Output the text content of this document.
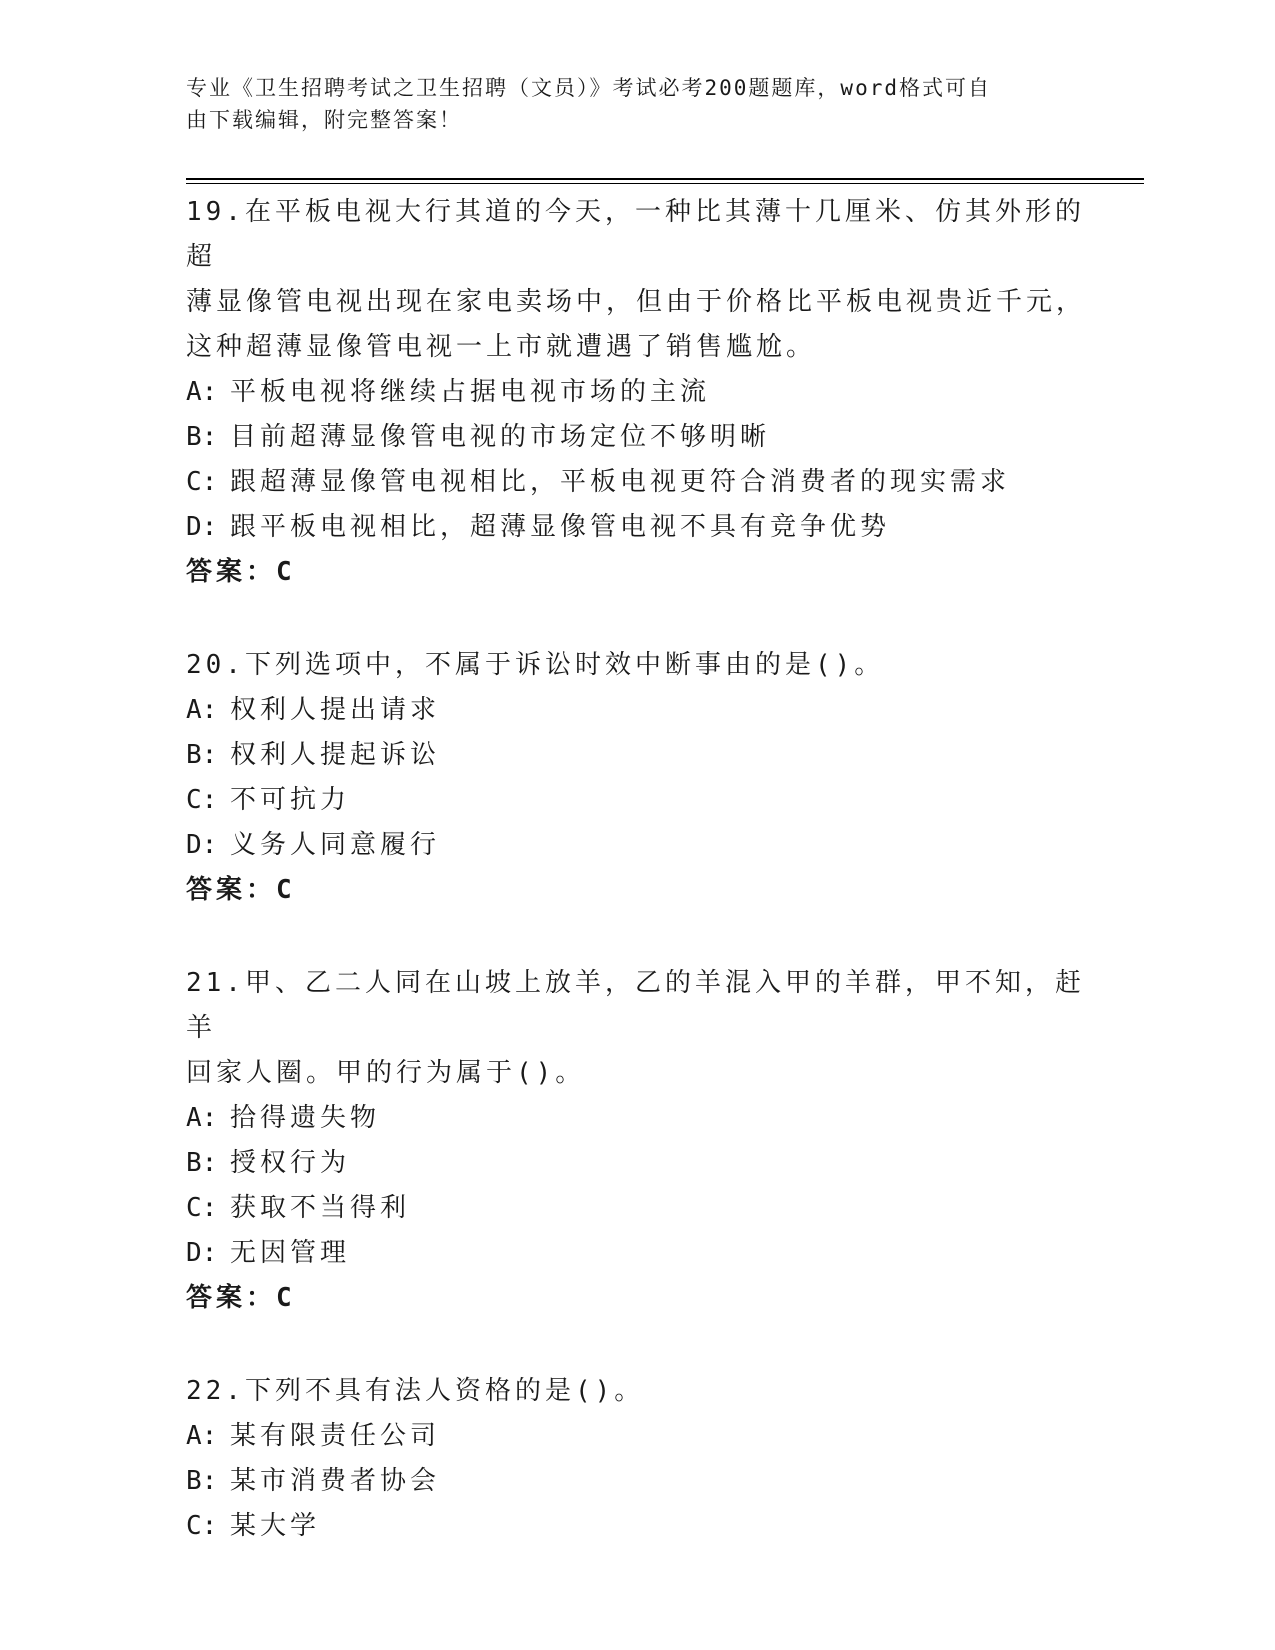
专业《卫生招聘考试之卫生招聘（文员）》考试必考200题题库，word格式可自
由下载编辑，附完整答案！
19.在平板电视大行其道的今天，一种比其薄十几厘米、仿其外形的超
薄显像管电视出现在家电卖场中，但由于价格比平板电视贵近千元，
这种超薄显像管电视一上市就遭遇了销售尴尬。
A: 平板电视将继续占据电视市场的主流
B: 目前超薄显像管电视的市场定位不够明晰
C: 跟超薄显像管电视相比，平板电视更符合消费者的现实需求
D: 跟平板电视相比，超薄显像管电视不具有竞争优势
答案：C
20.下列选项中，不属于诉讼时效中断事由的是()。
A: 权利人提出请求
B: 权利人提起诉讼
C: 不可抗力
D: 义务人同意履行
答案：C
21.甲、乙二人同在山坡上放羊，乙的羊混入甲的羊群，甲不知，赶羊
回家人圈。甲的行为属于()。
A: 拾得遗失物
B: 授权行为
C: 获取不当得利
D: 无因管理
答案：C
22.下列不具有法人资格的是()。
A: 某有限责任公司
B: 某市消费者协会
C: 某大学
